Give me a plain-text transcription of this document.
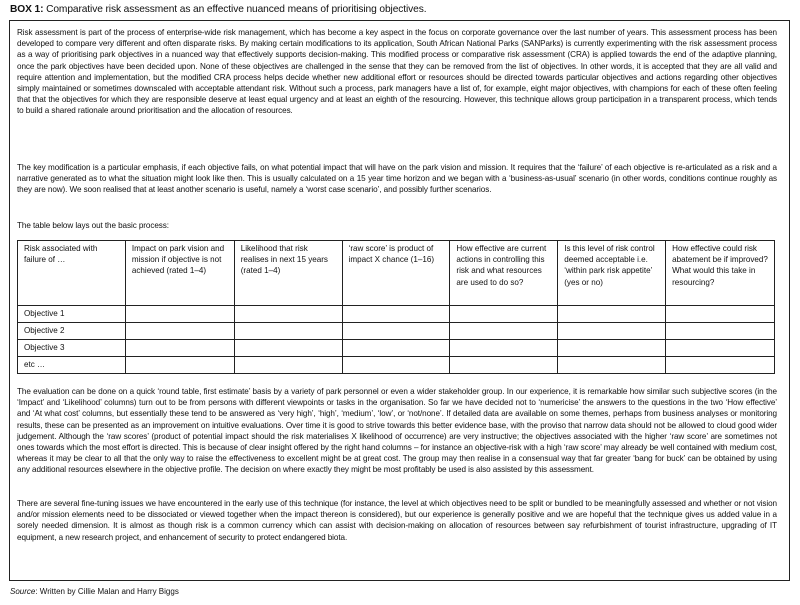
BOX 1: Comparative risk assessment as an effective nuanced means of prioritising objectives.

Risk assessment is part of the process of enterprise-wide risk management, which has become a key aspect in the focus on corporate governance over the last number of years. This assessment process has been developed to compare very different and often disparate risks. By making certain modifications to its application, South African National Parks (SANParks) is currently experimenting with the risk assessment process as a way of prioritising park objectives in a nuanced way that effectively supports decision-making. This modified process or comparative risk assessment (CRA) is applied towards the end of the adaptive planning, once the park objectives have been decided upon. None of these objectives are challenged in the sense that they can be removed from the list of objectives. In other words, it is accepted that they are all valid and require attention and implementation, but the modified CRA process helps decide whether new additional effort or resources should be directed towards particular objectives and actions regarding other objectives simply maintained or sometimes downscaled with acceptable attendant risk. Without such a process, park managers have a list of, for example, eight major objectives, with champions for each of these often feeling that that the objectives for which they are responsible deserve at least equal urgency and at least an eighth of the resourcing. However, this technique allows group participation in a transparent process, which tends to build a shared rationale around prioritisation and the allocation of resources.

The key modification is a particular emphasis, if each objective fails, on what potential impact that will have on the park vision and mission. It requires that the ‘failure’ of each objective is re-articulated as a risk and a narrative generated as to what the situation might look like then. This is usually calculated on a 15 year time horizon and we began with a ‘business-as-usual’ scenario (in other words, conditions continue roughly as they are now). We soon realised that at least another scenario is useful, namely a ‘worst case scenario’, and possibly further scenarios.

The table below lays out the basic process:

Risk associated with failure of …	Impact on park vision and mission if objective is not achieved (rated 1–4)	Likelihood that risk realises in next 15 years (rated 1–4)	‘raw score’ is product of impact X chance (1–16)	How effective are current actions in controlling this risk and what resources are used to do so?	Is this level of risk control deemed acceptable i.e. ‘within park risk appetite’ (yes or no)	How effective could risk abatement be if improved? What would this take in resourcing?
Objective 1						
Objective 2						
Objective 3						
etc …						

The evaluation can be done on a quick ‘round table, first estimate’ basis by a variety of park personnel or even a wider stakeholder group. In our experience, it is remarkable how similar such subjective scores (in the ‘Impact’ and ‘Likelihood’ columns) turn out to be from persons with different viewpoints or tasks in the organisation. So far we have decided not to ‘numericise’ the answers to the questions in the two ‘How effective’ and ‘At what cost’ columns, but essentially these tend to be answered as ‘very high’, ‘high’, ‘medium’, ‘low’, or ‘not/none’. If detailed data are available on some themes, perhaps from business analyses or monitoring results, these can be presented as an improvement on intuitive evaluations. Over time it is good to strive towards this better evidence base, with the proviso that narrow data should not be allowed to cloud good wider judgement. Although the ‘raw scores’ (product of potential impact should the risk materialises X likelihood of occurrence) are very instructive; the objectives associated with the higher ‘raw score’ are sometimes not ones towards which the most effort is directed. This is because of clear insight offered by the right hand columns – for instance an objective-risk with a high ‘raw score’ may already be well contained with medium cost, whereas it may be clear to all that the only way to raise the effectiveness to excellent might be at great cost. The group may then realise in a consensual way that far greater ‘bang for buck’ can be obtained by using any additional resources elsewhere in the objective profile. The decision on where exactly they might be most profitably be used is also assisted by this assessment.

There are several fine-tuning issues we have encountered in the early use of this technique (for instance, the level at which objectives need to be split or bundled to be meaningfully assessed and whether or not vision and/or mission elements need to be dissociated or viewed together when the impact thereon is considered), but our experience is generally positive and we are hopeful that the technique gives us added value in a sorely needed dimension. It is almost as though risk is a common currency which can assist with decision-making on allocation of resources between say refurbishment of tourist infrastructure, upgrading of IT equipment, a new research project, and enhancement of security to protect endangered biota.

Source: Written by Cillie Malan and Harry Biggs
